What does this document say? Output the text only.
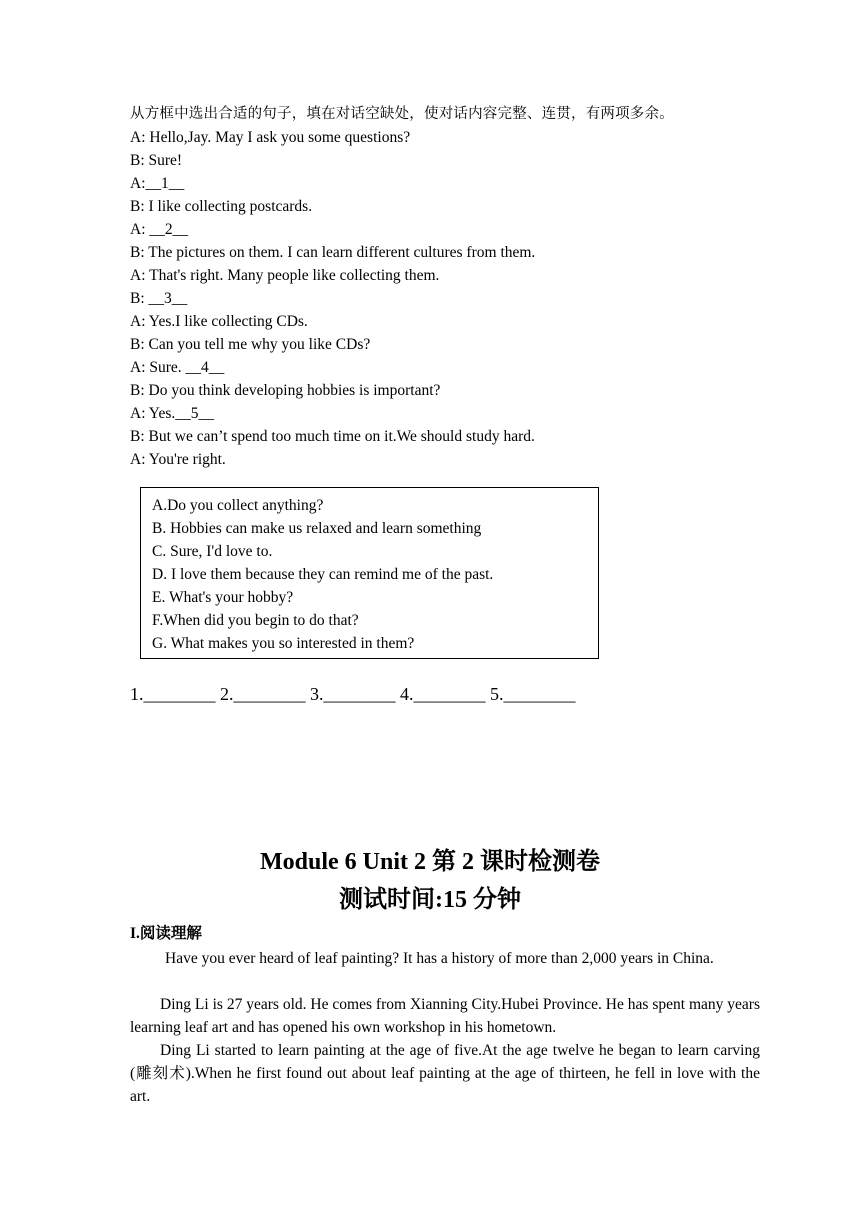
从方框中选出合适的句子，填在对话空缺处，使对话内容完整、连贯，有两项多余。
A: Hello,Jay. May I ask you some questions?
B: Sure!
A:__1__
B: I like collecting postcards.
A: __2__
B: The pictures on them. I can learn different cultures from them.
A: That's right. Many people like collecting them.
B: __3__
A: Yes.I like collecting CDs.
B: Can you tell me why you like CDs?
A: Sure. __4__
B: Do you think developing hobbies is important?
A: Yes.__5__
B: But we can’t spend too much time on it.We should study hard.
A: You're right.
A.Do you collect anything?
B. Hobbies can make us relaxed and learn something
C. Sure, I'd love to.
D. I love them because they can remind me of the past.
E. What's your hobby?
F.When did you begin to do that?
G. What makes you so interested in them?
1.________ 2.________ 3.________ 4.________ 5.________
Module 6 Unit 2 第 2 课时检测卷
测试时间:15 分钟
I.阅读理解
Have you ever heard of leaf painting? It has a history of more than 2,000 years in China.
Ding Li is 27 years old. He comes from Xianning City.Hubei Province. He has spent many years learning leaf art and has opened his own workshop in his hometown.
Ding Li started to learn painting at the age of five.At the age twelve he began to learn carving (雕刻术).When he first found out about leaf painting at the age of thirteen, he fell in love with the art.
